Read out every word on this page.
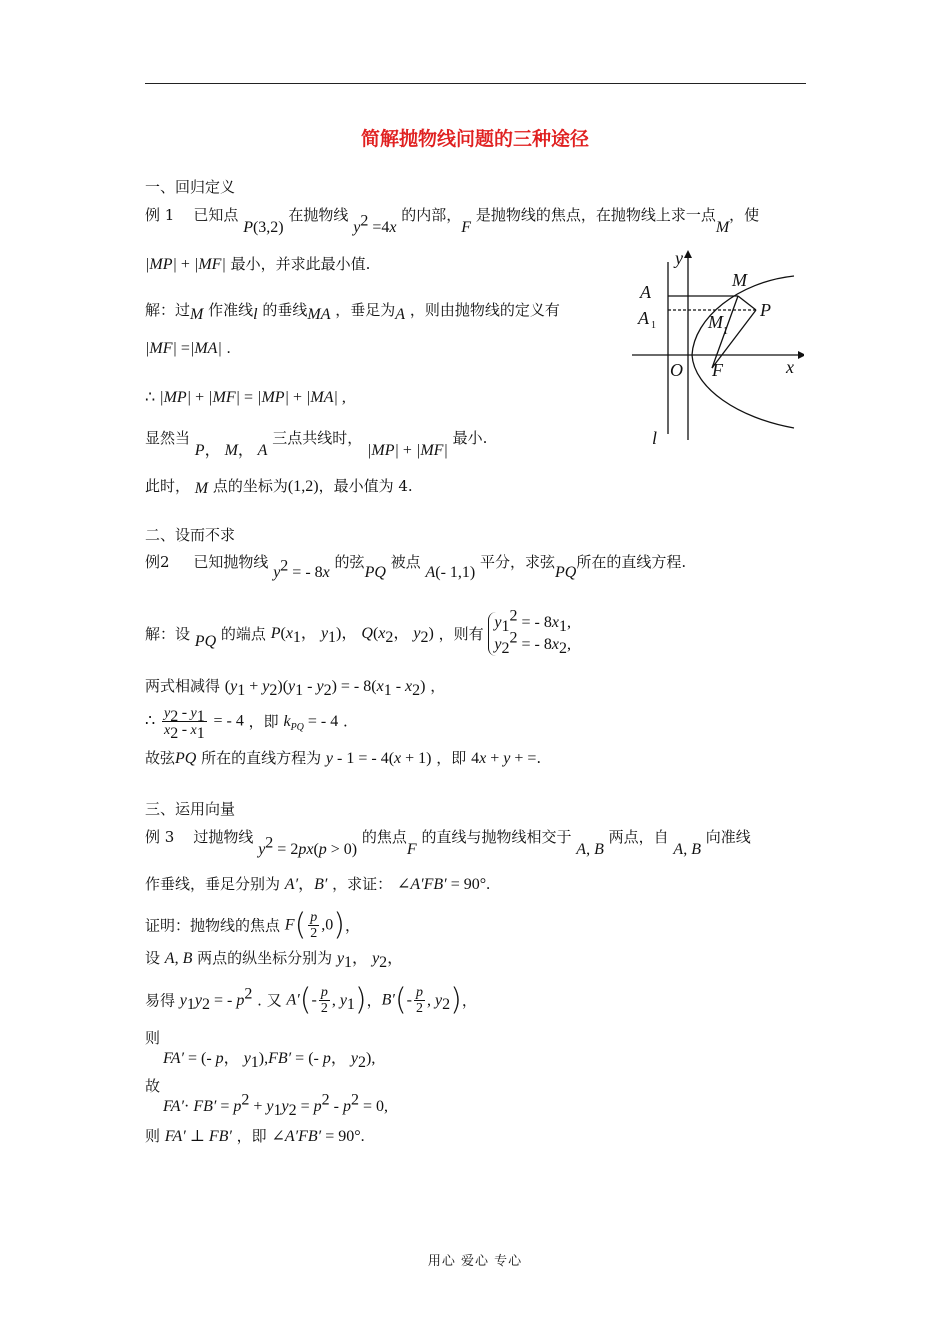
简解抛物线问题的三种途径
一、回归定义
例 1 已知点 P(3,2) 在抛物线 $y^2 =4x$ 的内部，F 是抛物线的焦点，在抛物线上求一点M，使
|MP| + |MF| 最小，并求此最小值.
解：过M 作准线l 的垂线MA ，垂足为A ，则由抛物线的定义有
|MF| =|MA| .
∴ |MP| + |MF| = |MP| + |MA| ,
显然当 P， M， A 三点共线时， |MP| + |MF| 最小.
此时， M 点的坐标为(1,2)，最小值为 4.
y
x
A
A $_1$
M
$M_1$
P
O F
l
二、设而不求
例2 已知抛物线 $y^2$ = - 8x 的弦PQ 被点 A(- 1,1) 平分，求弦PQ所在的直线方程.
解：设 PQ 的端点 $P(x_1$， $y_1$)， $Q(x_2$， $y_2$) ，则有
$y_1^2$ = - $8x_1$,
$y_2^2$ = - $8x_2$,
两式相减得 $(y_1 + y_2)(y_1 - y_2)$ = - $8(x_1 - x_2)$ ，
∴ $\frac{y_2 - y_1}{x_2 - x_1}$ = - 4 ，即 $k_{PQ}$ = - 4 .
故弦PQ 所在的直线方程为 y - 1 = - 4(x + 1) ，即 4x + y + =.
三、运用向量
例 3 过抛物线 $y^2 = 2px(p > 0)$ 的焦点F 的直线与抛物线相交于 A, B 两点，自 A, B 向准线
作垂线，垂足分别为 A′，B′ ，求证： ∠A′FB′ = 90°.
证明：抛物线的焦点 $F( \frac{p}{2} ,0)$，
设 A, B 两点的纵坐标分别为 $y_1$， $y_2$，
易得 $y_1y_2$ = - $p^2$ . 又 $A'(- \frac{p}{2}$ , $y_1$)，$B'(- \frac{p}{2}$ , $y_2$)，
则
FA′ = (- p， $y_1),FB'$ = (- p， $y_2$),
故
$FA'\cdot FB' = p^2 + y_1y_2 = p^2 - p^2 = 0$,
则 FA′ ⊥ FB′ ，即 ∠A′FB′ = 90°.
用心 爱心 专心
